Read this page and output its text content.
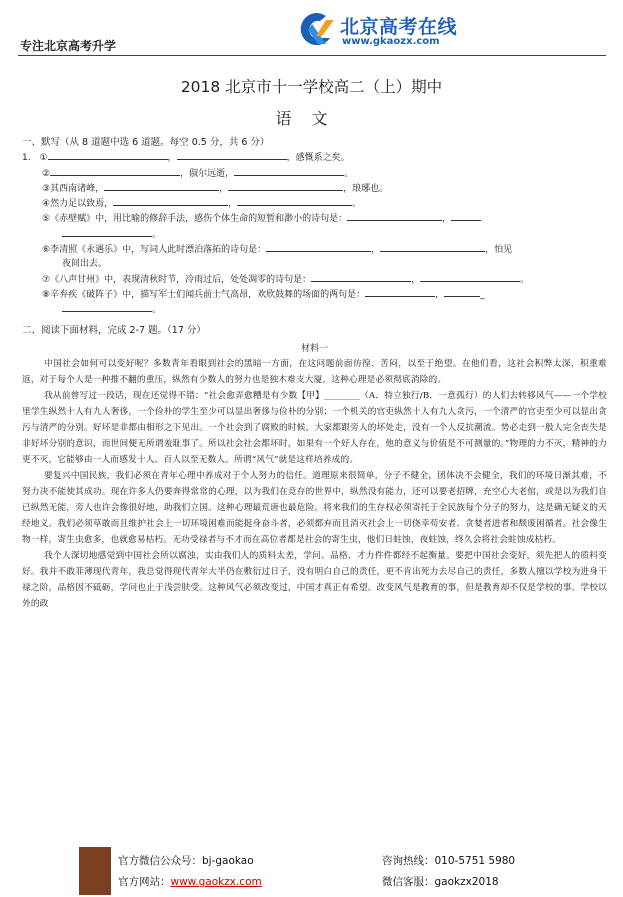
专注北京高考升学
北京高考在线
www.gkaozx.com
2018 北京市十一学校高二（上）期中
语文

一、默写（从 8 道题中选 6 道题。每空 0.5 分，共 6 分）

1. ①	，	，感慨系之矣。
②	，俶尔远逝，	。
③其西南诸峰，	，	，琅琊也。
④然力足以致焉，	，	。
⑤《赤壁赋》中，用比喻的修辞手法，感伤个体生命的短暂和渺小的诗句是：	，
。
⑥李清照《永遇乐》中，写词人此时漂泊落拓的诗句是：	，	，怕见
夜间出去。
⑦《八声甘州》中，表现清秋时节，冷雨过后，处处凋零的诗句是：	，	。
⑧辛弃疾《破阵子》中，描写军士们闻兵前士气高昂，欢欣鼓舞的场面的两句是：	，	_
。

二、阅读下面材料，完成 2-7 题。（17 分）

材料一

中国社会如何可以变好呢？多数青年看眼到社会的黑暗一方面，在这问题前面彷徨、苦闷，以至于绝望。在他们看，这社会积弊太深，积重难返，对于每个人是一种推不翻的重压，纵然有少数人的努力也是独木难支大厦，这种心理是必须彻底消除的。

我从前曾写过一段话，现在还觉得不错：“社会愈弄愈糟是有少数【甲】________（A．特立独行/B．一意孤行）的人们去转移风气——一个学校里学生纵然十人有九人奢侈，一个俭朴的学生至少可以显出奢侈与俭朴的分别；一个机关的官吏纵然十人有九人贪污，一个清严的官吏至少可以显出贪污与清严的分别。好坏是非都由相形之下见出。一个社会到了腐败的时候，大家都跟旁人的坏处走，没有一个人反抗潮流。势必走到一般人完全丧失是非好坏分别的意识，而世间便无所谓羞耻事了。所以社会社会都坏时，如果有一个好人存在，他的意义与价值是不可测量的。”物理的力不灭，精神的力更不灭，它能够由一人而感发十人、百人以至无数人。所谓“风气”就是这样培养成的。

要复兴中国民族，我们必须在青年心理中养成对于个人努力的信任。道理原来很简单，分子不健全，团体决不会健全，我们的环境日渐其难，不努力决不能使其成功。现在许多人仍要奔得常常的心理，以为我们在竞存的世界中，纵然没有能力，还可以要老招牌，充空心大老倌，或是以为我们自已纵然无能，旁人也许会像很好地，助我们立国。这种心理最荒唐也最危险。将来我们的生存权必须寄托于全民族每个分子的努力，这是确无疑义的天经地义。我们必须草敢而且维护社会上一切环境困难而能挺身奋斗者，必须都弃而且消灭社会上一切侥幸苟安者、贪婪者进者和颓废困循者。社会像生物一样，寄生虫愈多，也就愈易枯朽。无功受禄者与不才而在高位者都是社会的寄生虫，他们日蛀蚀，夜蛀蚀，终久会将社会蛀蚀成枯朽。

我个人深切地感觉到中国社会所以腐浊，实由我们人的质料太差，学问、品格、才力件件都经不起衡量。要把中国社会变好，须先把人的质料变好。我并不敢菲薄现代青年，我总觉得现代青年大半仍在敷衍过日子，没有明白自己的责任，更不肯出死力去尽自己的责任，多数人擅以学校为进身干禄之阶，品格因不砥砺，学问也止于浅尝肤受。这种风气必须改变过，中国才真正有希望。改变风气是教育的事，但是教育却不仅是学校的事。学校以外的政

官方微信公众号：bj-gaokao	咨询热线：010-5751 5980
官方网站：www.gaokzx.com	微信客服：gaokzx2018
